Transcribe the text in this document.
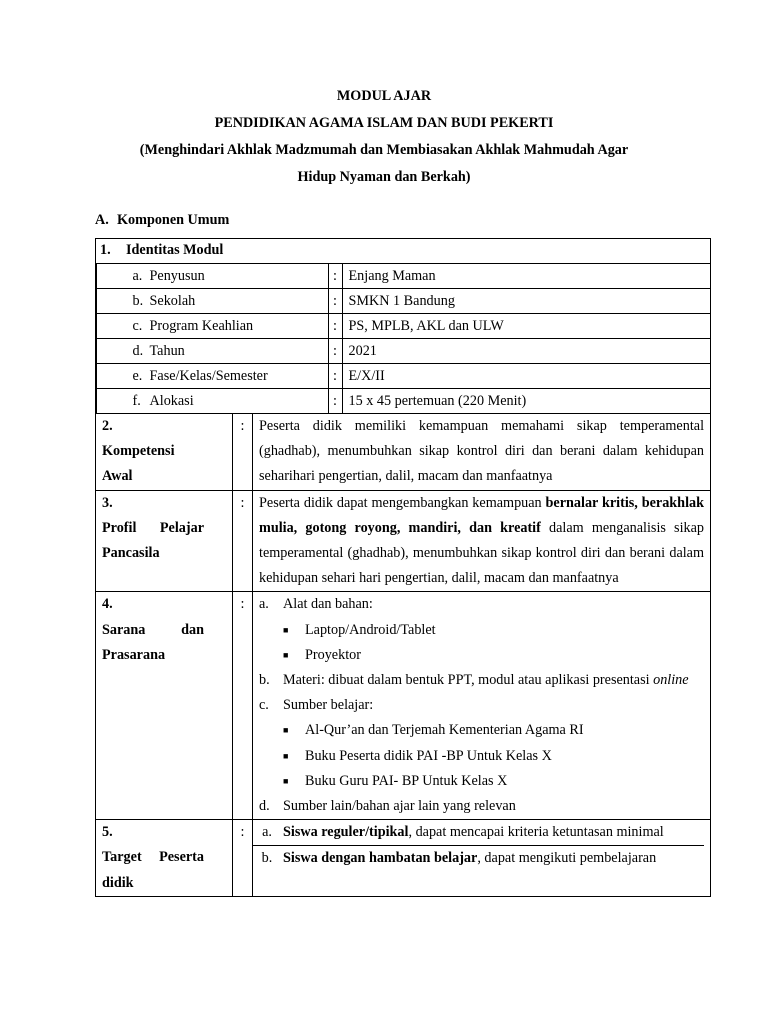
MODUL AJAR
PENDIDIKAN AGAMA ISLAM DAN BUDI PEKERTI
(Menghindari Akhlak Madzmumah dan Membiasakan Akhlak Mahmudah Agar
Hidup Nyaman dan Berkah)
A. Komponen Umum
1. Identitas Modul

	a. Penyusun	:	Enjang Maman
	b. Sekolah	:	SMKN 1 Bandung
	c. Program Keahlian	:	PS, MPLB, AKL dan ULW
	d. Tahun	:	2021
	e. Fase/Kelas/Semester	:	E/X/II
	f. Alokasi	:	15 x 45 pertemuan (220 Menit)

2.Kompetensi Awal	:	Peserta didik memiliki kemampuan memahami sikap temperamental (ghadhab), menumbuhkan sikap kontrol diri dan berani dalam kehidupan seharihari pengertian, dalil, macam dan manfaatnya
3.Profil Pelajar Pancasila	:	Peserta didik dapat mengembangkan kemampuan bernalar kritis, berakhlak mulia, gotong royong, mandiri, dan kreatif dalam menganalisis sikap temperamental (ghadhab), menumbuhkan sikap kontrol diri dan berani dalam kehidupan sehari hari pengertian, dalil, macam dan manfaatnya
4.Sarana dan Prasarana	:	a. Alat dan bahan:
■	Laptop/Android/Tablet
■	Proyektor
b. Materi: dibuat dalam bentuk PPT, modul atau aplikasi presentasi online
c. Sumber belajar:
■	Al-Qur’an dan Terjemah Kementerian Agama RI
■	Buku Peserta didik PAI -BP Untuk Kelas X
■	Buku Guru PAI- BP Untuk Kelas X
d. Sumber lain/bahan ajar lain yang relevan

5.Target Peserta didik	:	a. Siswa reguler/tipikal, dapat mencapai kriteria ketuntasan minimal
b. Siswa dengan hambatan belajar, dapat mengikuti pembelajaran
